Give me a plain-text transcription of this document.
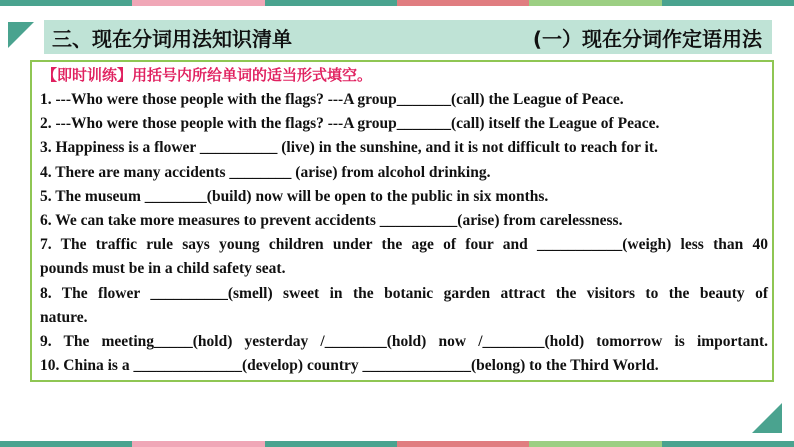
三、现在分词用法知识清单	(一）现在分词作定语用法
【即时训练】用括号内所给单词的适当形式填空。
1. ---Who were those people with the flags? ---A group_______(call) the League of Peace.
2. ---Who were those people with the flags? ---A group_______(call) itself the League of Peace.
3. Happiness is a flower __________ (live) in the sunshine, and it is not difficult to reach for it.
4. There are many accidents ________ (arise) from alcohol drinking.
5. The museum ________(build) now will be open to the public in six months.
6. We can take more measures to prevent accidents __________(arise) from carelessness.
7. The traffic rule says young children under the age of four and ___________(weigh) less than 40
pounds must be in a child safety seat.
8. The flower __________(smell) sweet in the botanic garden attract the visitors to the beauty of
nature.
9. The meeting_____(hold) yesterday /________(hold) now /________(hold) tomorrow is important.
10. China is a ______________(develop) country ______________(belong) to the Third World.
